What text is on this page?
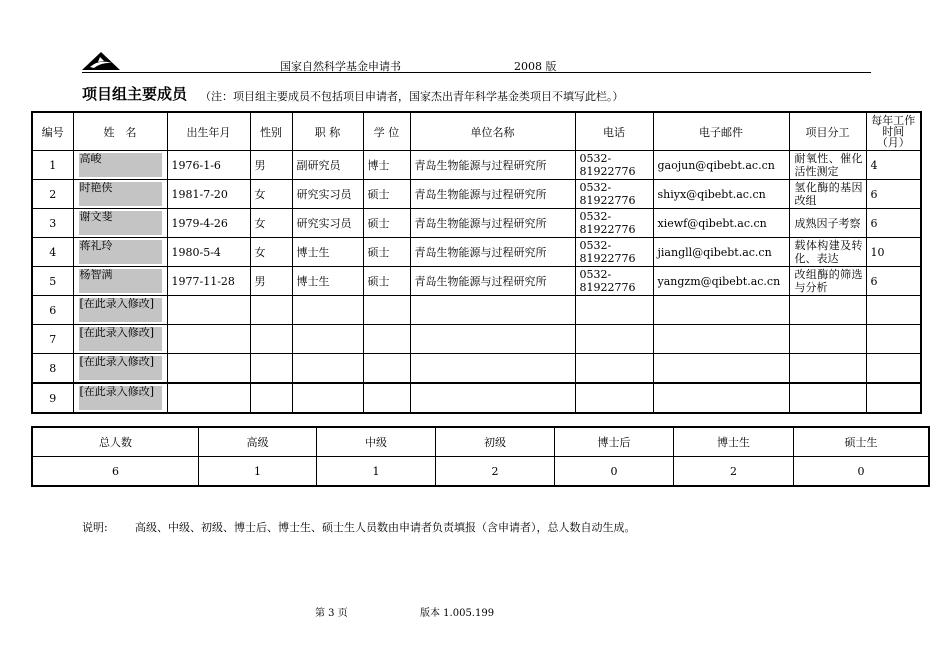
国家自然科学基金申请书	2008 版
项目组主要成员 （注：项目组主要成员不包括项目申请者，国家杰出青年科学基金类项目不填写此栏。）
编号	姓　名	出生年月	性别	职 称	学 位	单位名称	电话	电子邮件	项目分工	每年工作时间（月）
1	高峻	1976-1-6	男	副研究员	博士	青岛生物能源与过程研究所	0532-81922776	gaojun@qibebt.ac.cn	耐氧性、催化活性测定	4
2	时艳侠	1981-7-20	女	研究实习员	硕士	青岛生物能源与过程研究所	0532-81922776	shiyx@qibebt.ac.cn	氢化酶的基因改组	6
3	谢文斐	1979-4-26	女	研究实习员	硕士	青岛生物能源与过程研究所	0532-81922776	xiewf@qibebt.ac.cn	成熟因子考察	6
4	蒋礼玲	1980-5-4	女	博士生	硕士	青岛生物能源与过程研究所	0532-81922776	jiangll@qibebt.ac.cn	载体构建及转化、表达	10
5	杨智满	1977-11-28	男	博士生	硕士	青岛生物能源与过程研究所	0532-81922776	yangzm@qibebt.ac.cn	改组酶的筛选与分析	6
6	[在此录入修改]									

7	[在此录入修改]									

8	[在此录入修改]									

9	[在此录入修改]									

总人数	高级	中级	初级	博士后	博士生	硕士生
6	1	1	2	0	2	0
说明: 高级、中级、初级、博士后、博士生、硕士生人员数由申请者负责填报（含申请者），总人数自动生成。
第 3 页	版本 1.005.199
